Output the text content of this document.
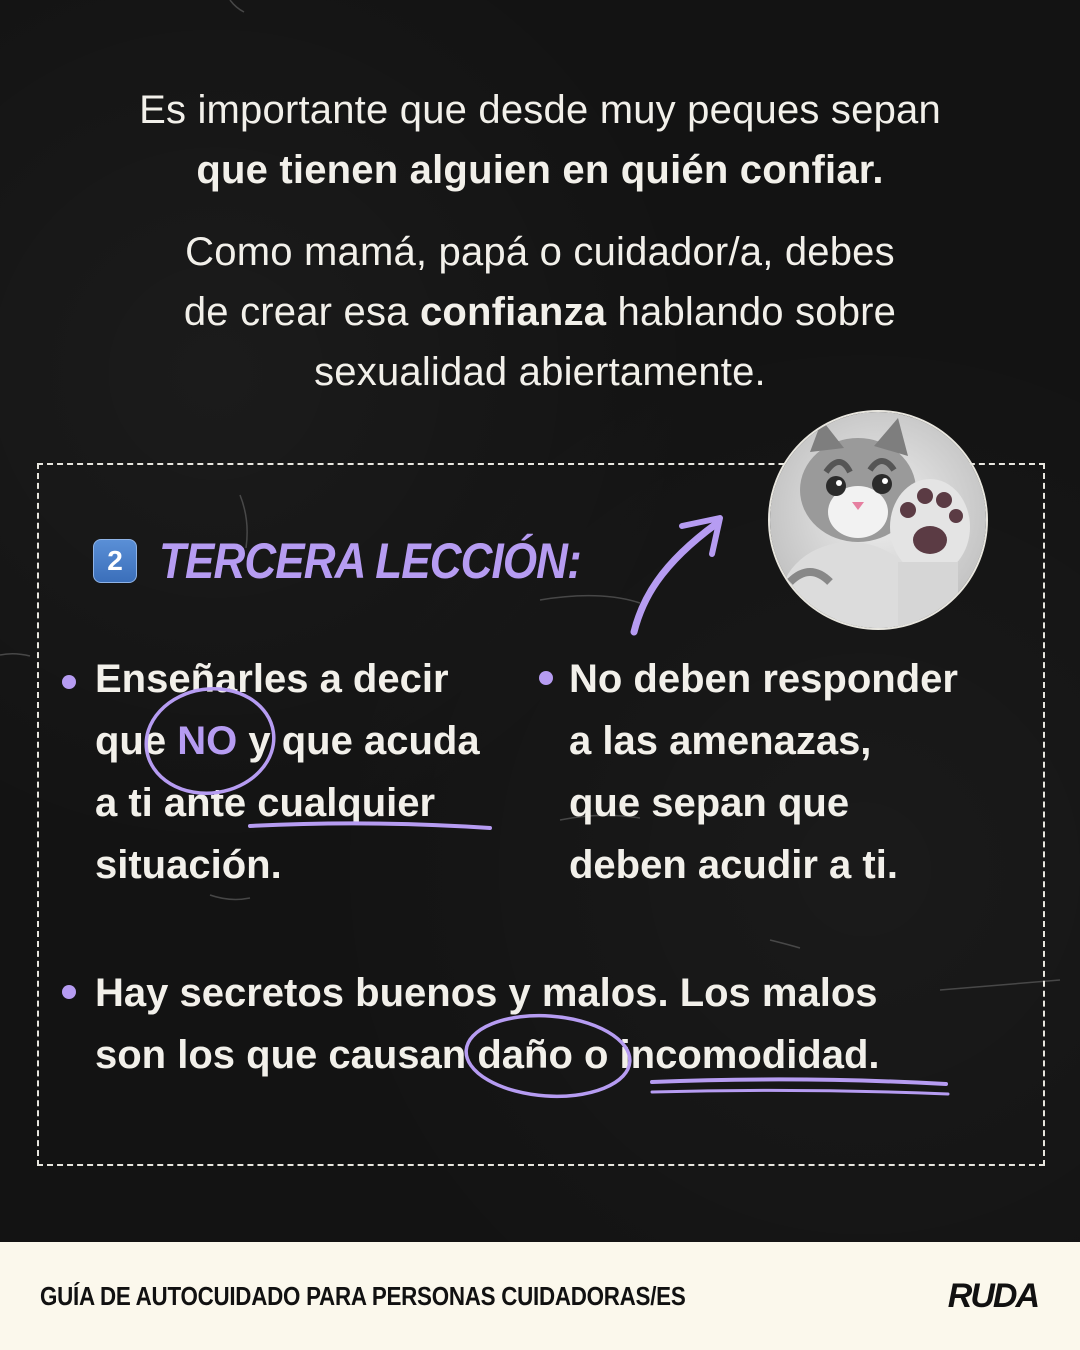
Es importante que desde muy peques sepan
que tienen alguien en quién confiar.
Como mamá, papá o cuidador/a, debes
de crear esa confianza hablando sobre
sexualidad abiertamente.
2 TERCERA LECCIÓN:
Enseñarles a decir
que NO y que acuda
a ti ante cualquier
situación.
No deben responder
a las amenazas,
que sepan que
deben acudir a ti.
Hay secretos buenos y malos. Los malos
son los que causan daño o incomodidad.
GUÍA DE AUTOCUIDADO PARA PERSONAS CUIDADORAS/ES	RUDA
